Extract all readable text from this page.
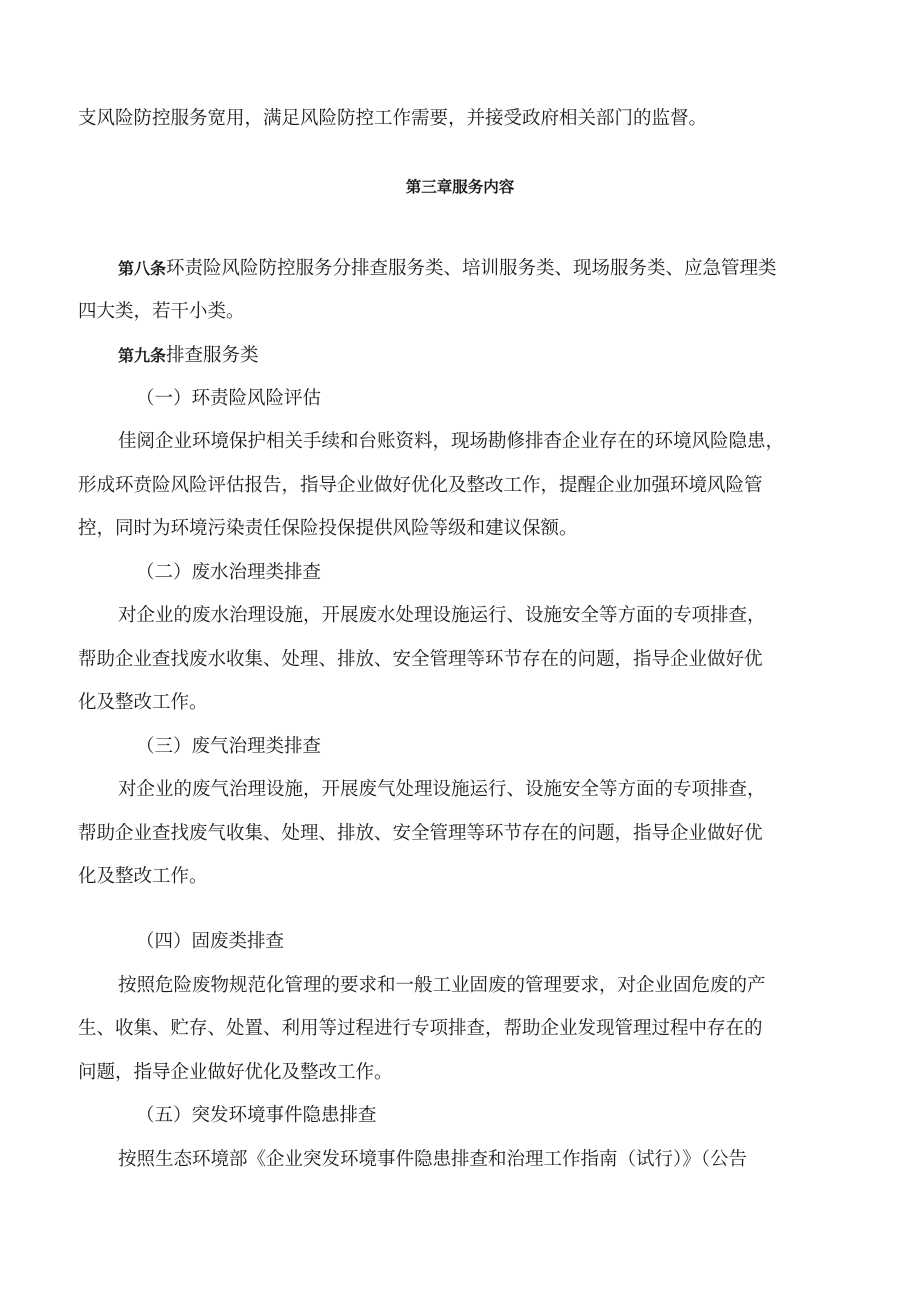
支风险防控服务宽用，满足风险防控工作需要，并接受政府相关部门的监督。
第三章服务内容
第八条环责险风险防控服务分排查服务类、培训服务类、现场服务类、应急管理类
四大类，若干小类。
第九条排查服务类
（一）环责险风险评估
佳阅企业环境保护相关手续和台账资料，现场勘修排杳企业存在的环境风险隐患，
形成环贲险风险评估报告，指导企业做好优化及整改工作，提醒企业加强环境风险管
控，同时为环境污染责任保险投保提供风险等级和建议保额。
（二）废水治理类排查
对企业的废水治理设施，开展废水处理设施运行、设施安全等方面的专项排查，
帮助企业查找废水收集、处理、排放、安全管理等环节存在的问题，指导企业做好优
化及整改工作。
（三）废气治理类排查
对企业的废气治理设施，开展废气处理设施运行、设施安全等方面的专项排查，
帮助企业查找废气收集、处理、排放、安全管理等环节存在的问题，指导企业做好优
化及整改工作。
（四）固废类排查
按照危险废物规范化管理的要求和一般工业固废的管理要求，对企业固危废的产
生、收集、贮存、处置、利用等过程进行专项排查，帮助企业发现管理过程中存在的
问题，指导企业做好优化及整改工作。
（五）突发环境事件隐患排查
按照生态环境部《企业突发环境事件隐患排查和治理工作指南（试行）》（公告
